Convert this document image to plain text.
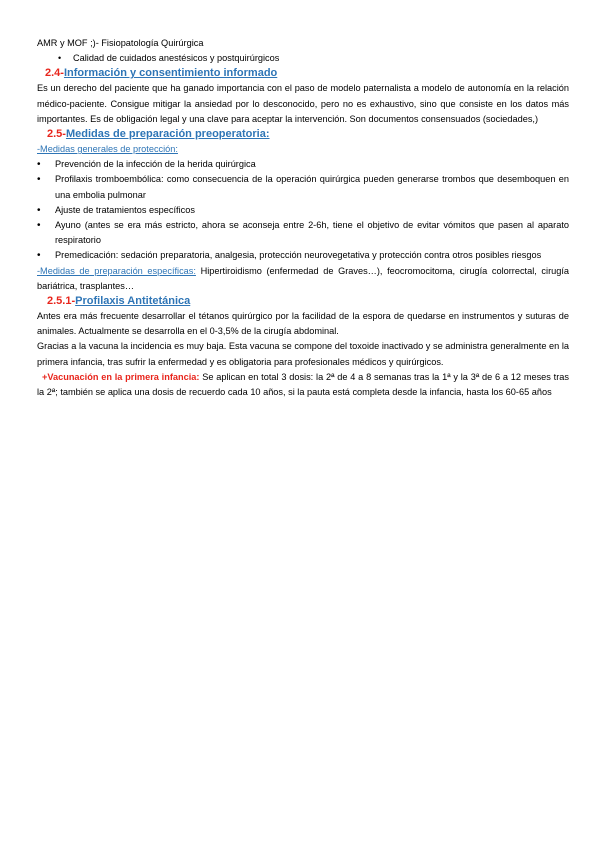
AMR y MOF ;)- Fisiopatología Quirúrgica
• Calidad de cuidados anestésicos y postquirúrgicos
2.4-Información y consentimiento informado

Es un derecho del paciente que ha ganado importancia con el paso de modelo paternalista a modelo de autonomía en la relación médico-paciente. Consigue mitigar la ansiedad por lo desconocido, pero no es exhaustivo, sino que consiste en los datos más importantes. Es de obligación legal y una clave para aceptar la intervención. Son documentos consensuados (sociedades,)

2.5-Medidas de preparación preoperatoria:
-Medidas generales de protección:
• Prevención de la infección de la herida quirúrgica
• Profilaxis tromboembólica: como consecuencia de la operación quirúrgica pueden generarse trombos que desemboquen en una embolia pulmonar
• Ajuste de tratamientos específicos
• Ayuno (antes se era más estricto, ahora se aconseja entre 2-6h, tiene el objetivo de evitar vómitos que pasen al aparato respiratorio
• Premedicación: sedación preparatoria, analgesia, protección neurovegetativa y protección contra otros posibles riesgos

-Medidas de preparación específicas: Hipertiroidismo (enfermedad de Graves…), feocromocitoma, cirugía colorrectal, cirugía bariátrica, trasplantes…

2.5.1-Profilaxis Antitetánica

Antes era más frecuente desarrollar el tétanos quirúrgico por la facilidad de la espora de quedarse en instrumentos y suturas de animales. Actualmente se desarrolla en el 0-3,5% de la cirugía abdominal.

Gracias a la vacuna la incidencia es muy baja. Esta vacuna se compone del toxoide inactivado y se administra generalmente en la primera infancia, tras sufrir la enfermedad y es obligatoria para profesionales médicos y quirúrgicos.

+Vacunación en la primera infancia: Se aplican en total 3 dosis: la 2ª de 4 a 8 semanas tras la 1ª y la 3ª de 6 a 12 meses tras la 2ª; también se aplica una dosis de recuerdo cada 10 años, si la pauta está completa desde la infancia, hasta los 60-65 años
